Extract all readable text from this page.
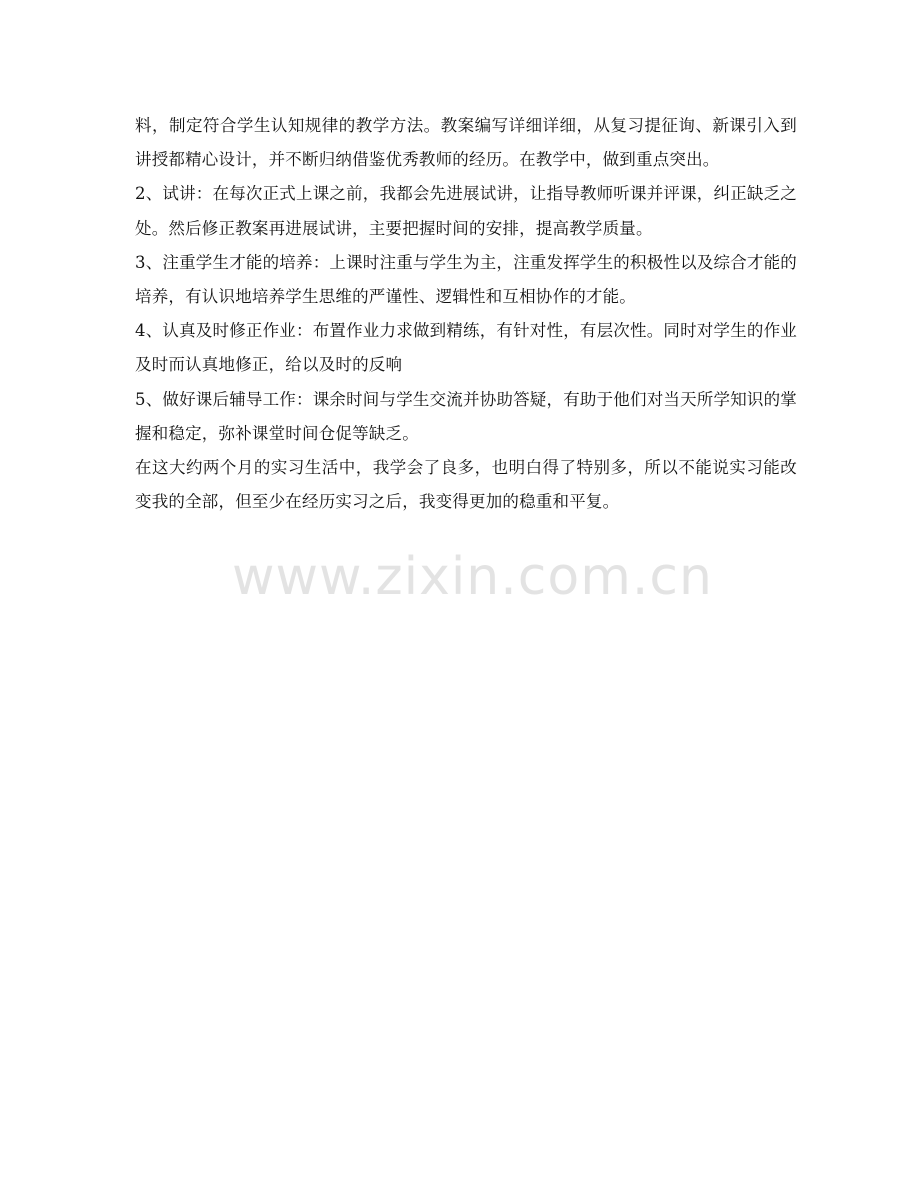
料，制定符合学生认知规律的教学方法。教案编写详细详细，从复习提征询、新课引入到讲授都精心设计，并不断归纳借鉴优秀教师的经历。在教学中，做到重点突出。

2、试讲：在每次正式上课之前，我都会先进展试讲，让指导教师听课并评课，纠正缺乏之处。然后修正教案再进展试讲，主要把握时间的安排，提高教学质量。

3、注重学生才能的培养：上课时注重与学生为主，注重发挥学生的积极性以及综合才能的培养，有认识地培养学生思维的严谨性、逻辑性和互相协作的才能。

4、认真及时修正作业：布置作业力求做到精练，有针对性，有层次性。同时对学生的作业及时而认真地修正，给以及时的反响

5、做好课后辅导工作：课余时间与学生交流并协助答疑，有助于他们对当天所学知识的掌握和稳定，弥补课堂时间仓促等缺乏。

在这大约两个月的实习生活中，我学会了良多，也明白得了特别多，所以不能说实习能改变我的全部，但至少在经历实习之后，我变得更加的稳重和平复。

www.zixin.com.cn
